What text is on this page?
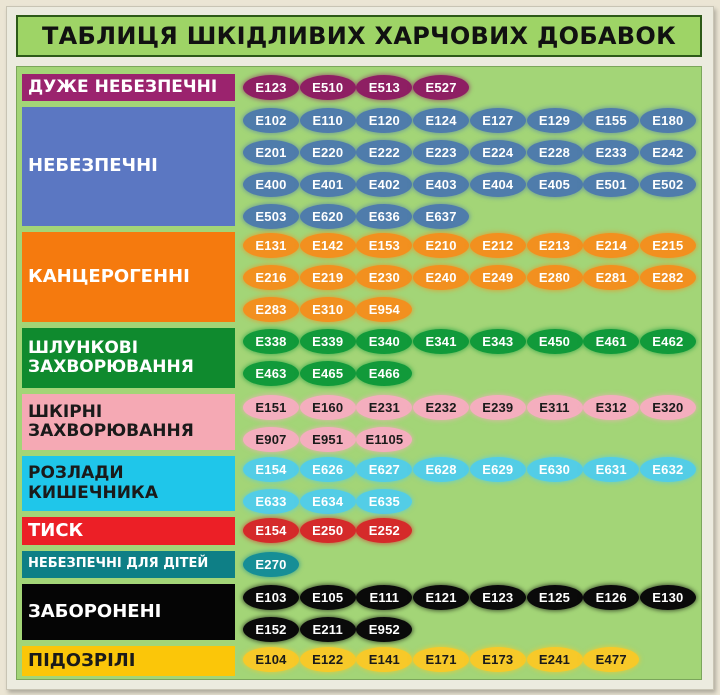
ТАБЛИЦЯ ШКІДЛИВИХ ХАРЧОВИХ ДОБАВОК
ДУЖЕ НЕБЕЗПЕЧНІ	E123	E510	E513	E527
НЕБЕЗПЕЧНІ
E102	E110	E120	E124	E127	E129	E155	E180
E201	E220	E222	E223	E224	E228	E233	E242
E400	E401	E402	E403	E404	E405	E501	E502
E503	E620	E636	E637
КАНЦЕРОГЕННІ
E131	E142	E153	E210	E212	E213	E214	E215
E216	E219	E230	E240	E249	E280	E281	E282
E283	E310	E954
ШЛУНКОВІ ЗАХВОРЮВАННЯ
E338	E339	E340	E341	E343	E450	E461	E462
E463	E465	E466
ШКІРНІ ЗАХВОРЮВАННЯ
E151	E160	E231	E232	E239	E311	E312	E320
E907	E951	E1105
РОЗЛАДИ КИШЕЧНИКА
E154	E626	E627	E628	E629	E630	E631	E632
E633	E634	E635
ТИСК	E154	E250	E252
НЕБЕЗПЕЧНІ ДЛЯ ДІТЕЙ	E270
ЗАБОРОНЕНІ
E103	E105	E111	E121	E123	E125	E126	E130
E152	E211	E952
ПІДОЗРІЛІ	E104	E122	E141	E171	E173	E241	E477
